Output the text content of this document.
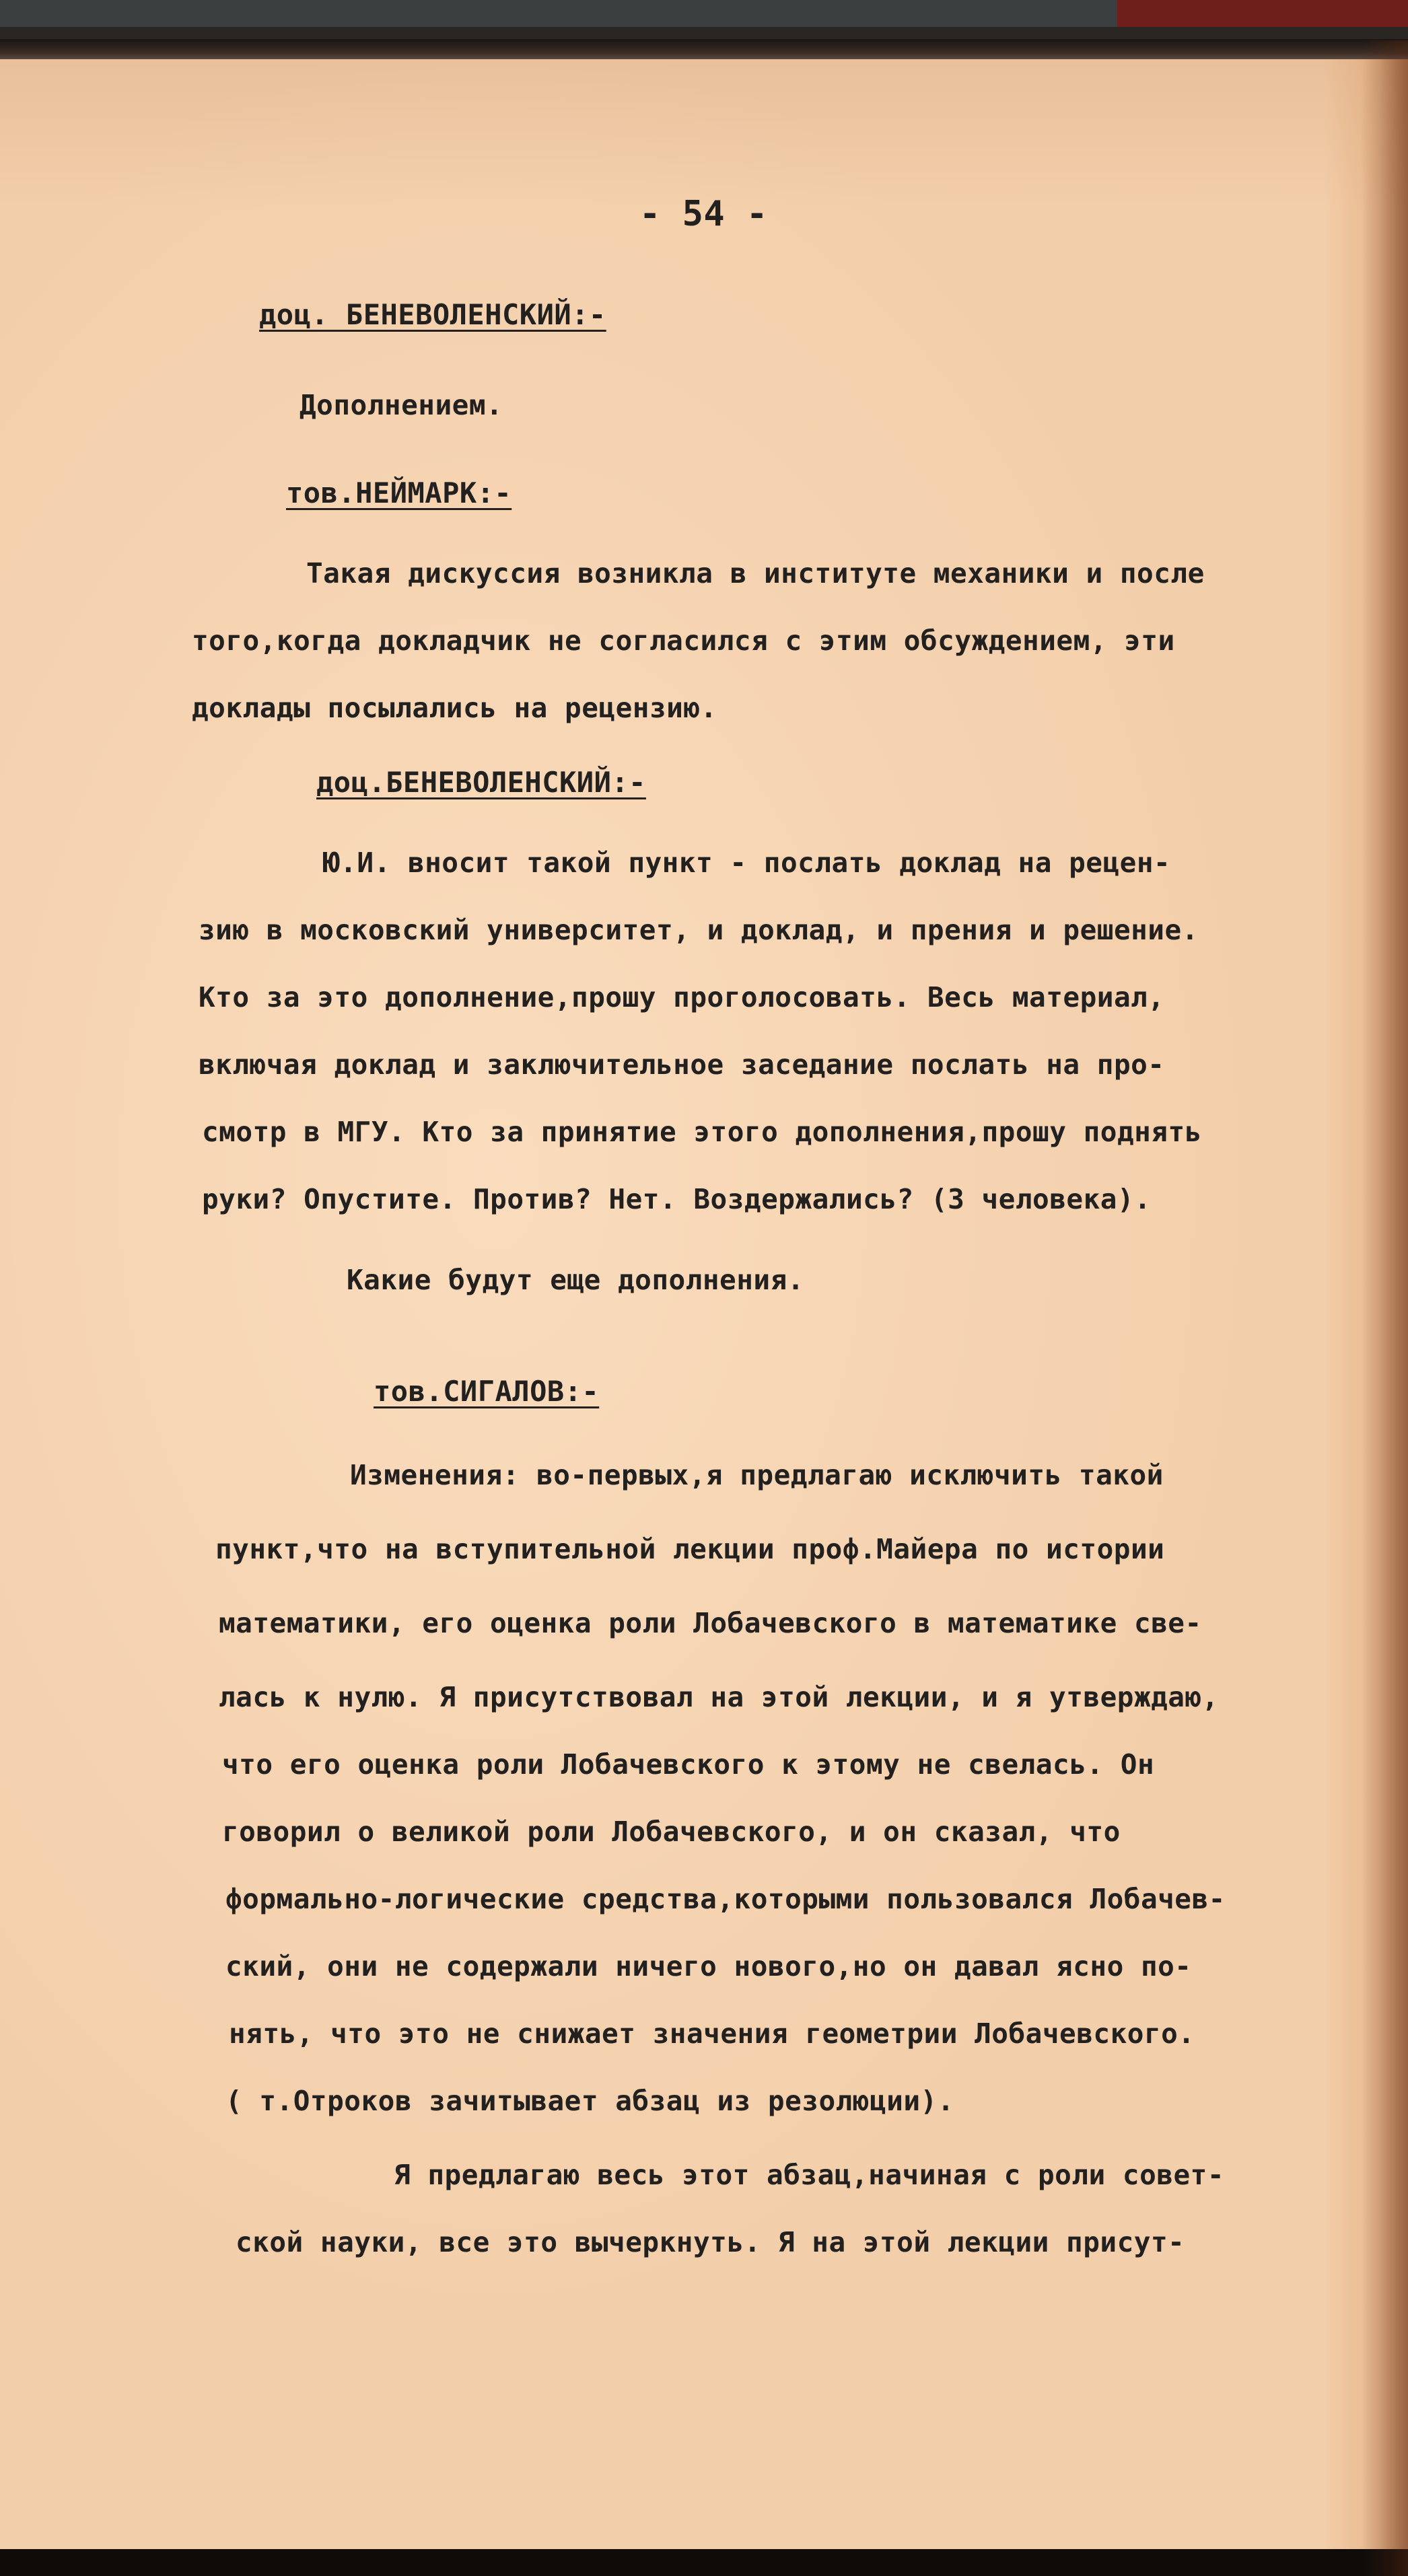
- 54 -
доц. БЕНЕВОЛЕНСКИЙ:-
Дополнением.
тов.НЕЙМАРК:-
Такая дискуссия возникла в институте механики и после
того,когда докладчик не согласился с этим обсуждением, эти
доклады посылались на рецензию.
доц.БЕНЕВОЛЕНСКИЙ:-
Ю.И. вносит такой пункт - послать доклад на рецен-
зию в московский университет, и доклад, и прения и решение.
Кто за это дополнение,прошу проголосовать. Весь материал,
включая доклад и заключительное заседание послать на про-
смотр в МГУ. Кто за принятие этого дополнения,прошу поднять
руки? Опустите. Против? Нет. Воздержались? (3 человека).
Какие будут еще дополнения.
тов.СИГАЛОВ:-
Изменения: во-первых,я предлагаю исключить такой
пункт,что на вступительной лекции проф.Майера по истории
математики, его оценка роли Лобачевского в математике све-
лась к нулю. Я присутствовал на этой лекции, и я утверждаю,
что его оценка роли Лобачевского к этому не свелась. Он
говорил о великой роли Лобачевского, и он сказал, что
формально-логические средства,которыми пользовался Лобачев-
ский, они не содержали ничего нового,но он давал ясно по-
нять, что это не снижает значения геометрии Лобачевского.
( т.Отроков зачитывает абзац из резолюции).
Я предлагаю весь этот абзац,начиная с роли совет-
ской науки, все это вычеркнуть. Я на этой лекции присут-
